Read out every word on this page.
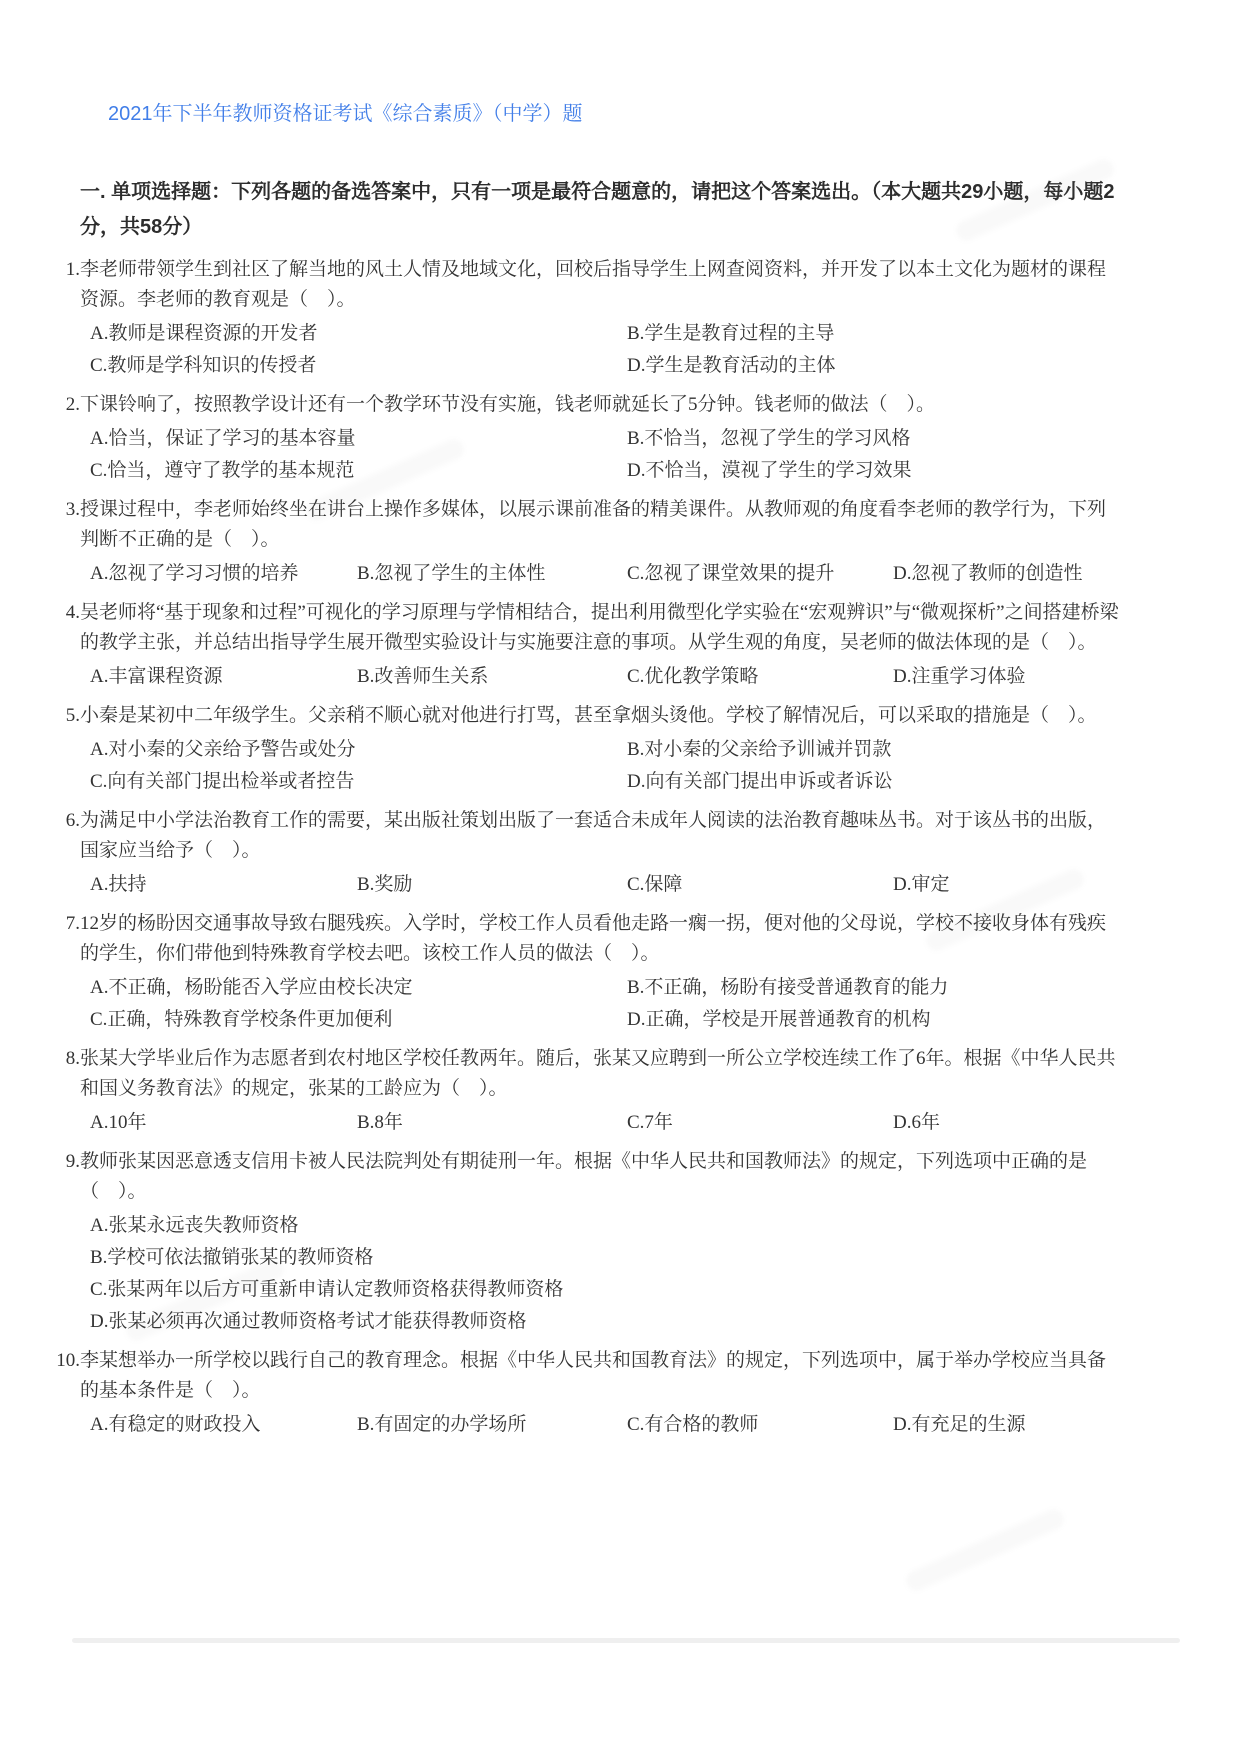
2021年下半年教师资格证考试《综合素质》（中学）题
一. 单项选择题：下列各题的备选答案中，只有一项是最符合题意的，请把这个答案选出。（本大题共29小题，每小题2分，共58分）
1. 李老师带领学生到社区了解当地的风土人情及地域文化，回校后指导学生上网查阅资料，并开发了以本土文化为题材的课程资源。李老师的教育观是（　）。
A.教师是课程资源的开发者	B.学生是教育过程的主导
C.教师是学科知识的传授者	D.学生是教育活动的主体
2. 下课铃响了，按照教学设计还有一个教学环节没有实施，钱老师就延长了5分钟。钱老师的做法（　）。
A.恰当，保证了学习的基本容量	B.不恰当，忽视了学生的学习风格
C.恰当，遵守了教学的基本规范	D.不恰当，漠视了学生的学习效果
3. 授课过程中，李老师始终坐在讲台上操作多媒体，以展示课前准备的精美课件。从教师观的角度看李老师的教学行为，下列判断不正确的是（　）。
A.忽视了学习习惯的培养	B.忽视了学生的主体性	C.忽视了课堂效果的提升	D.忽视了教师的创造性
4. 吴老师将“基于现象和过程”可视化的学习原理与学情相结合，提出利用微型化学实验在“宏观辨识”与“微观探析”之间搭建桥梁的教学主张，并总结出指导学生展开微型实验设计与实施要注意的事项。从学生观的角度，吴老师的做法体现的是（　）。
A.丰富课程资源	B.改善师生关系	C.优化教学策略	D.注重学习体验
5. 小秦是某初中二年级学生。父亲稍不顺心就对他进行打骂，甚至拿烟头烫他。学校了解情况后，可以采取的措施是（　）。
A.对小秦的父亲给予警告或处分	B.对小秦的父亲给予训诫并罚款
C.向有关部门提出检举或者控告	D.向有关部门提出申诉或者诉讼
6. 为满足中小学法治教育工作的需要，某出版社策划出版了一套适合未成年人阅读的法治教育趣味丛书。对于该丛书的出版，国家应当给予（　）。
A.扶持	B.奖励	C.保障	D.审定
7. 12岁的杨盼因交通事故导致右腿残疾。入学时，学校工作人员看他走路一瘸一拐，便对他的父母说，学校不接收身体有残疾的学生，你们带他到特殊教育学校去吧。该校工作人员的做法（　）。
A.不正确，杨盼能否入学应由校长决定	B.不正确，杨盼有接受普通教育的能力
C.正确，特殊教育学校条件更加便利	D.正确，学校是开展普通教育的机构
8. 张某大学毕业后作为志愿者到农村地区学校任教两年。随后，张某又应聘到一所公立学校连续工作了6年。根据《中华人民共和国义务教育法》的规定，张某的工龄应为（　）。
A.10年	B.8年	C.7年	D.6年
9. 教师张某因恶意透支信用卡被人民法院判处有期徒刑一年。根据《中华人民共和国教师法》的规定，下列选项中正确的是（　）。
A.张某永远丧失教师资格
B.学校可依法撤销张某的教师资格
C.张某两年以后方可重新申请认定教师资格获得教师资格
D.张某必须再次通过教师资格考试才能获得教师资格
10. 李某想举办一所学校以践行自己的教育理念。根据《中华人民共和国教育法》的规定，下列选项中，属于举办学校应当具备的基本条件是（　）。
A.有稳定的财政投入	B.有固定的办学场所	C.有合格的教师	D.有充足的生源
